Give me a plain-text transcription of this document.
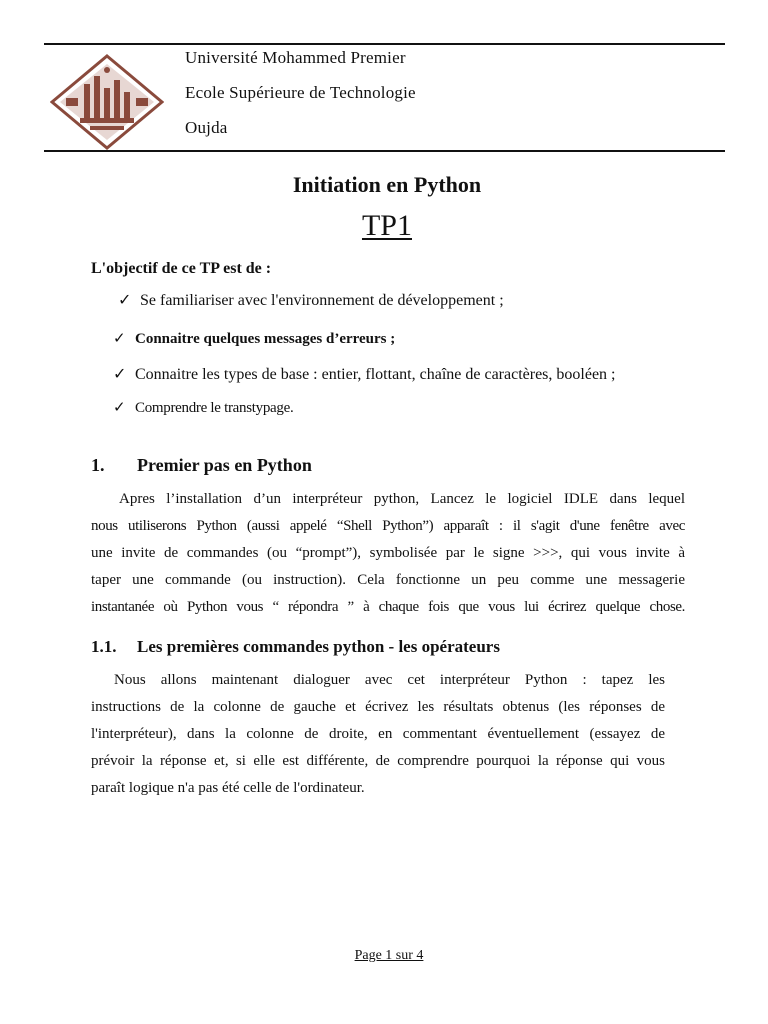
Université Mohammed Premier
Ecole Supérieure de Technologie
Oujda
Initiation en Python
TP1
L'objectif de ce TP est de :
✓ Se familiariser avec l'environnement de développement ;
✓ Connaitre quelques messages d’erreurs ;
✓ Connaitre les types de base : entier, flottant, chaîne de caractères, booléen ;
✓ Comprendre le transtypage.
1. Premier pas en Python
Apres l’installation d’un interpréteur python, Lancez le logiciel IDLE dans lequel
nous utiliserons Python (aussi appelé “Shell Python”) apparaît : il s'agit d'une fenêtre avec
une invite de commandes (ou “prompt”), symbolisée par le signe >>>, qui vous invite à
taper une commande (ou instruction). Cela fonctionne un peu comme une messagerie
instantanée où Python vous “ répondra ” à chaque fois que vous lui écrirez quelque chose.
1.1. Les premières commandes python - les opérateurs
Nous allons maintenant dialoguer avec cet interpréteur Python : tapez les
instructions de la colonne de gauche et écrivez les résultats obtenus (les réponses de
l'interpréteur), dans la colonne de droite, en commentant éventuellement (essayez de
prévoir la réponse et, si elle est différente, de comprendre pourquoi la réponse qui vous
paraît logique n'a pas été celle de l'ordinateur.
Page 1 sur 4
